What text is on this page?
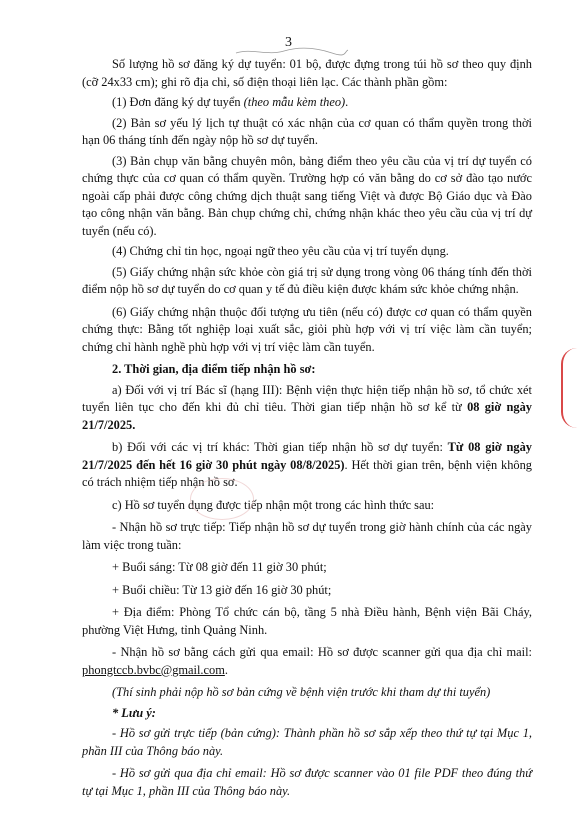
3

Số lượng hồ sơ đăng ký dự tuyển: 01 bộ, được đựng trong túi hồ sơ theo quy định (cỡ 24x33 cm); ghi rõ địa chỉ, số điện thoại liên lạc. Các thành phần gồm:

(1) Đơn đăng ký dự tuyển (theo mẫu kèm theo).

(2) Bản sơ yếu lý lịch tự thuật có xác nhận của cơ quan có thẩm quyền trong thời hạn 06 tháng tính đến ngày nộp hồ sơ dự tuyển.

(3) Bản chụp văn bằng chuyên môn, bảng điểm theo yêu cầu của vị trí dự tuyển có chứng thực của cơ quan có thẩm quyền. Trường hợp có văn bằng do cơ sở đào tạo nước ngoài cấp phải được công chứng dịch thuật sang tiếng Việt và được Bộ Giáo dục và Đào tạo công nhận văn bằng. Bản chụp chứng chỉ, chứng nhận khác theo yêu cầu của vị trí dự tuyển (nếu có).

(4) Chứng chỉ tin học, ngoại ngữ theo yêu cầu của vị trí tuyển dụng.

(5) Giấy chứng nhận sức khỏe còn giá trị sử dụng trong vòng 06 tháng tính đến thời điểm nộp hồ sơ dự tuyển do cơ quan y tế đủ điều kiện được khám sức khỏe chứng nhận.

(6) Giấy chứng nhận thuộc đối tượng ưu tiên (nếu có) được cơ quan có thẩm quyền chứng thực: Bằng tốt nghiệp loại xuất sắc, giỏi phù hợp với vị trí việc làm cần tuyển; chứng chỉ hành nghề phù hợp với vị trí việc làm cần tuyển.

2. Thời gian, địa điểm tiếp nhận hồ sơ:

a) Đối với vị trí Bác sĩ (hạng III): Bệnh viện thực hiện tiếp nhận hồ sơ, tổ chức xét tuyển liên tục cho đến khi đủ chỉ tiêu. Thời gian tiếp nhận hồ sơ kể từ 08 giờ ngày 21/7/2025.

b) Đối với các vị trí khác: Thời gian tiếp nhận hồ sơ dự tuyển: Từ 08 giờ ngày 21/7/2025 đến hết 16 giờ 30 phút ngày 08/8/2025). Hết thời gian trên, bệnh viện không có trách nhiệm tiếp nhận hồ sơ.

c) Hồ sơ tuyển dụng được tiếp nhận một trong các hình thức sau:

- Nhận hồ sơ trực tiếp: Tiếp nhận hồ sơ dự tuyển trong giờ hành chính của các ngày làm việc trong tuần:

+ Buổi sáng: Từ 08 giờ đến 11 giờ 30 phút;

+ Buổi chiều: Từ 13 giờ đến 16 giờ 30 phút;

+ Địa điểm: Phòng Tổ chức cán bộ, tầng 5 nhà Điều hành, Bệnh viện Bãi Cháy, phường Việt Hưng, tỉnh Quảng Ninh.

- Nhận hồ sơ bằng cách gửi qua email: Hồ sơ được scanner gửi qua địa chỉ mail: phongtccb.bvbc@gmail.com.

(Thí sinh phải nộp hồ sơ bản cứng về bệnh viện trước khi tham dự thi tuyển)

* Lưu ý:

- Hồ sơ gửi trực tiếp (bản cứng): Thành phần hồ sơ sắp xếp theo thứ tự tại Mục 1, phần III của Thông báo này.

- Hồ sơ gửi qua địa chỉ email: Hồ sơ được scanner vào 01 file PDF theo đúng thứ tự tại Mục 1, phần III của Thông báo này.
